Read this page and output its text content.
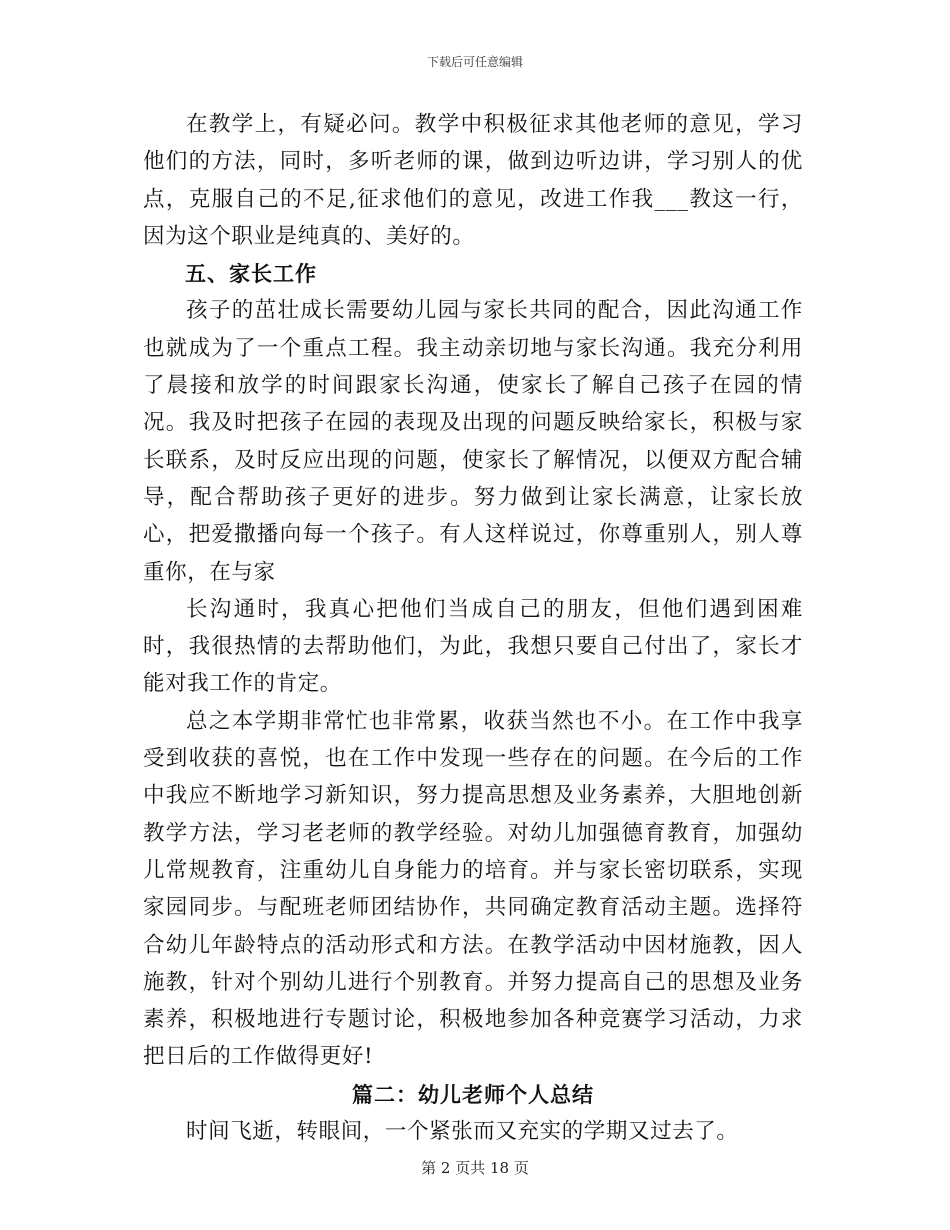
下载后可任意编辑

在教学上，有疑必问。教学中积极征求其他老师的意见，学习他们的方法，同时，多听老师的课，做到边听边讲，学习别人的优点，克服自己的不足,征求他们的意见，改进工作我___教这一行，因为这个职业是纯真的、美好的。

五、家长工作

孩子的茁壮成长需要幼儿园与家长共同的配合，因此沟通工作也就成为了一个重点工程。我主动亲切地与家长沟通。我充分利用了晨接和放学的时间跟家长沟通，使家长了解自己孩子在园的情况。我及时把孩子在园的表现及出现的问题反映给家长，积极与家长联系，及时反应出现的问题，使家长了解情况，以便双方配合辅导，配合帮助孩子更好的进步。努力做到让家长满意，让家长放心，把爱撒播向每一个孩子。有人这样说过，你尊重别人，别人尊重你，在与家

长沟通时，我真心把他们当成自己的朋友，但他们遇到困难时，我很热情的去帮助他们，为此，我想只要自己付出了，家长才能对我工作的肯定。

总之本学期非常忙也非常累，收获当然也不小。在工作中我享受到收获的喜悦，也在工作中发现一些存在的问题。在今后的工作中我应不断地学习新知识，努力提高思想及业务素养，大胆地创新教学方法，学习老老师的教学经验。对幼儿加强德育教育，加强幼儿常规教育，注重幼儿自身能力的培育。并与家长密切联系，实现家园同步。与配班老师团结协作，共同确定教育活动主题。选择符合幼儿年龄特点的活动形式和方法。在教学活动中因材施教，因人施教，针对个别幼儿进行个别教育。并努力提高自己的思想及业务素养，积极地进行专题讨论，积极地参加各种竞赛学习活动，力求把日后的工作做得更好!

篇二：幼儿老师个人总结

时间飞逝，转眼间，一个紧张而又充实的学期又过去了。

第 2 页共 18 页
